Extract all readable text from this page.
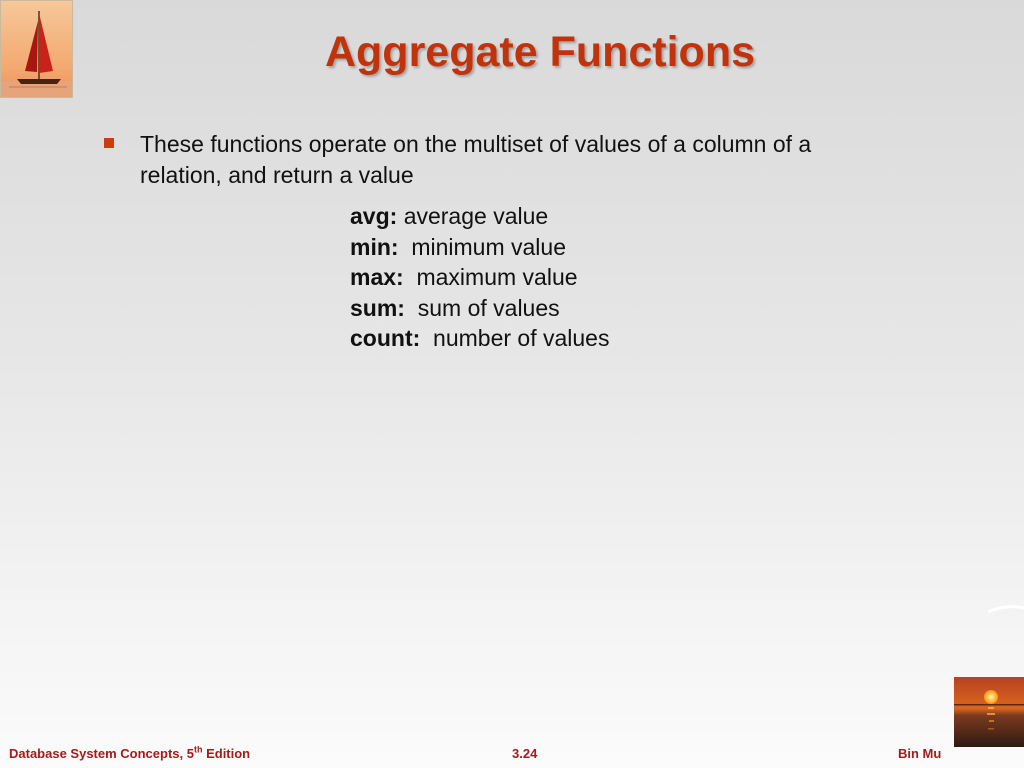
Aggregate Functions
These functions operate on the multiset of values of a column of a relation, and return a value
avg: average value
min: minimum value
max: maximum value
sum: sum of values
count: number of values
Database System Concepts, 5th Edition	3.24	Bin Mu
